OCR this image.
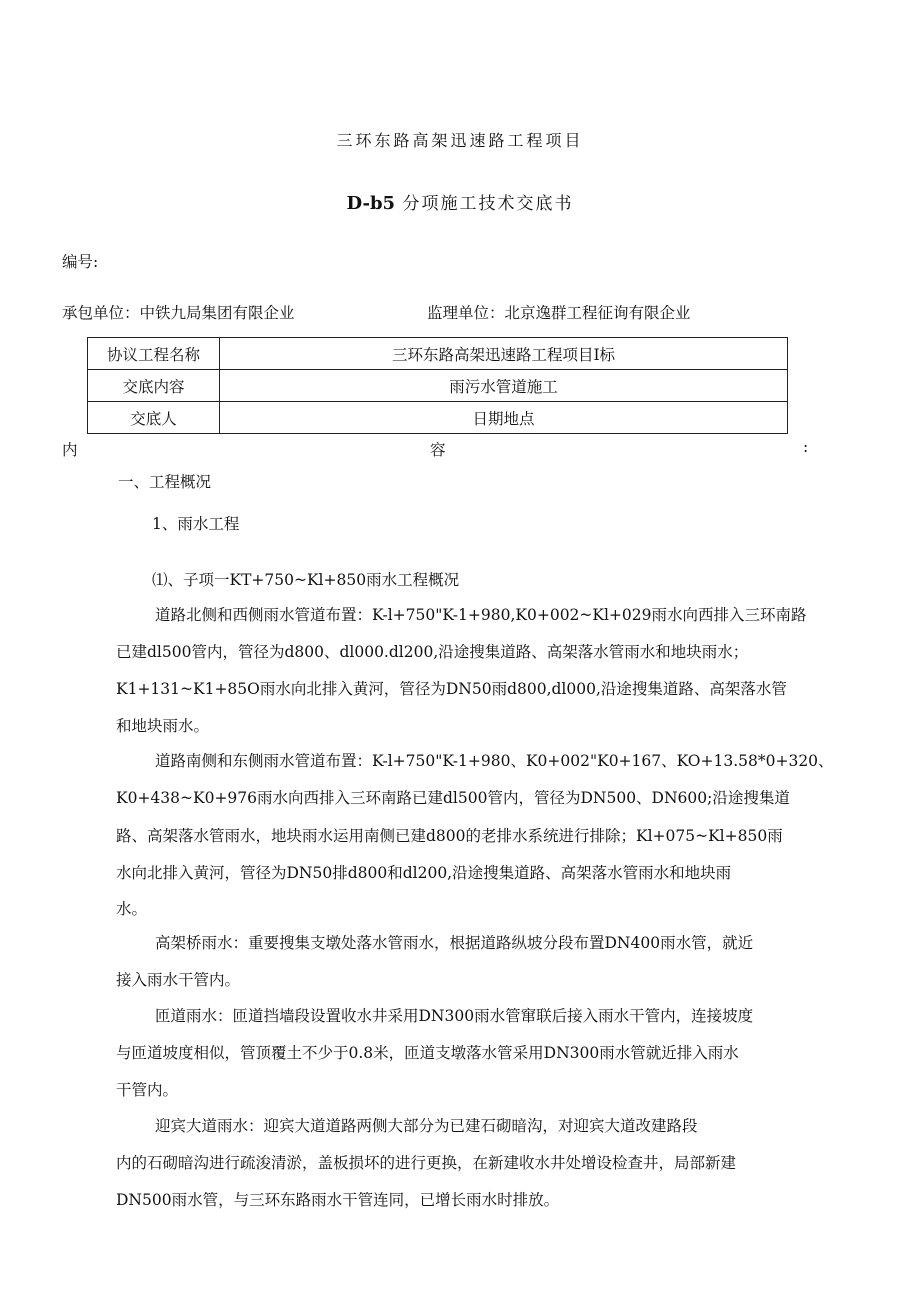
三环东路高架迅速路工程项目
D-b5 分项施工技术交底书
编号:
承包单位：中铁九局集团有限企业	监理单位：北京逸群工程征询有限企业
协议工程名称	三环东路高架迅速路工程项目Ⅰ标
交底内容	雨污水管道施工
交底人	日期地点
内	容	:
一、工程概况
1、雨水工程
⑴、子项一KT+750~Kl+850雨水工程概况
道路北侧和西侧雨水管道布置：K-l+750"K-1+980,K0+002~Kl+029雨水向西排入三环南路
已建dl500管内，管径为d800、dl000.dl200,沿途搜集道路、高架落水管雨水和地块雨水；
K1+131~K1+85O雨水向北排入黄河，管径为DN50雨d800,dl000,沿途搜集道路、高架落水管
和地块雨水。
道路南侧和东侧雨水管道布置：K-l+750"K-1+980、K0+002"K0+167、KO+13.58*0+320、
K0+438~K0+976雨水向西排入三环南路已建dl500管内，管径为DN500、DN600;沿途搜集道
路、高架落水管雨水，地块雨水运用南侧已建d800的老排水系统进行排除；Kl+075~Kl+850雨
水向北排入黄河，管径为DN50排d800和dl200,沿途搜集道路、高架落水管雨水和地块雨
水。
高架桥雨水：重要搜集支墩处落水管雨水，根据道路纵坡分段布置DN400雨水管，就近
接入雨水干管内。
匝道雨水：匝道挡墙段设置收水井采用DN300雨水管窜联后接入雨水干管内，连接坡度
与匝道坡度相似，管顶覆土不少于0.8米，匝道支墩落水管采用DN300雨水管就近排入雨水
干管内。
迎宾大道雨水：迎宾大道道路两侧大部分为已建石砌暗沟，对迎宾大道改建路段
内的石砌暗沟进行疏浚清淤，盖板损坏的进行更换，在新建收水井处增设检查井，局部新建
DN500雨水管，与三环东路雨水干管连同，已增长雨水时排放。
